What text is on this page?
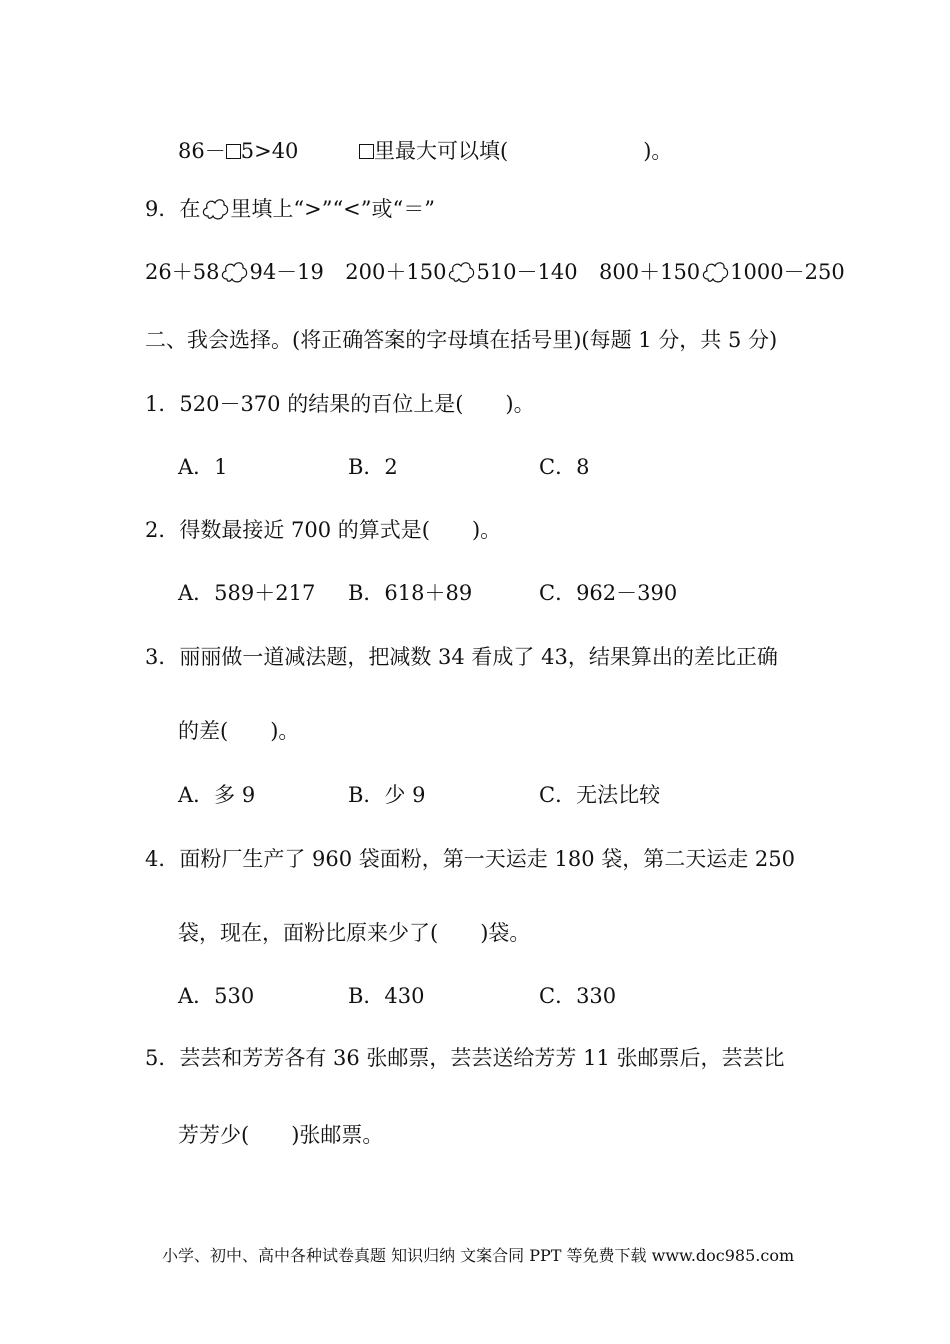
86－ 5>40	里最大可以填(	)。
9．在 里填上“>”“<”或“＝”
26＋58 94－19 200＋150 510－140 800＋150 1000－250
二、我会选择。(将正确答案的字母填在括号里)(每题 1 分，共 5 分)
1．520－370 的结果的百位上是(　　)。
A．1	B．2	C．8
2．得数最接近 700 的算式是(　　)。
A．589＋217 B．618＋89	C．962－390
3．丽丽做一道减法题，把减数 34 看成了 43，结果算出的差比正确
的差(　　)。
A．多 9	B．少 9	C．无法比较
4．面粉厂生产了 960 袋面粉，第一天运走 180 袋，第二天运走 250
袋，现在，面粉比原来少了(　　)袋。
A．530	B．430	C．330
5．芸芸和芳芳各有 36 张邮票，芸芸送给芳芳 11 张邮票后，芸芸比
芳芳少(　　)张邮票。
小学、初中、高中各种试卷真题 知识归纳 文案合同 PPT 等免费下载 www.doc985.com
